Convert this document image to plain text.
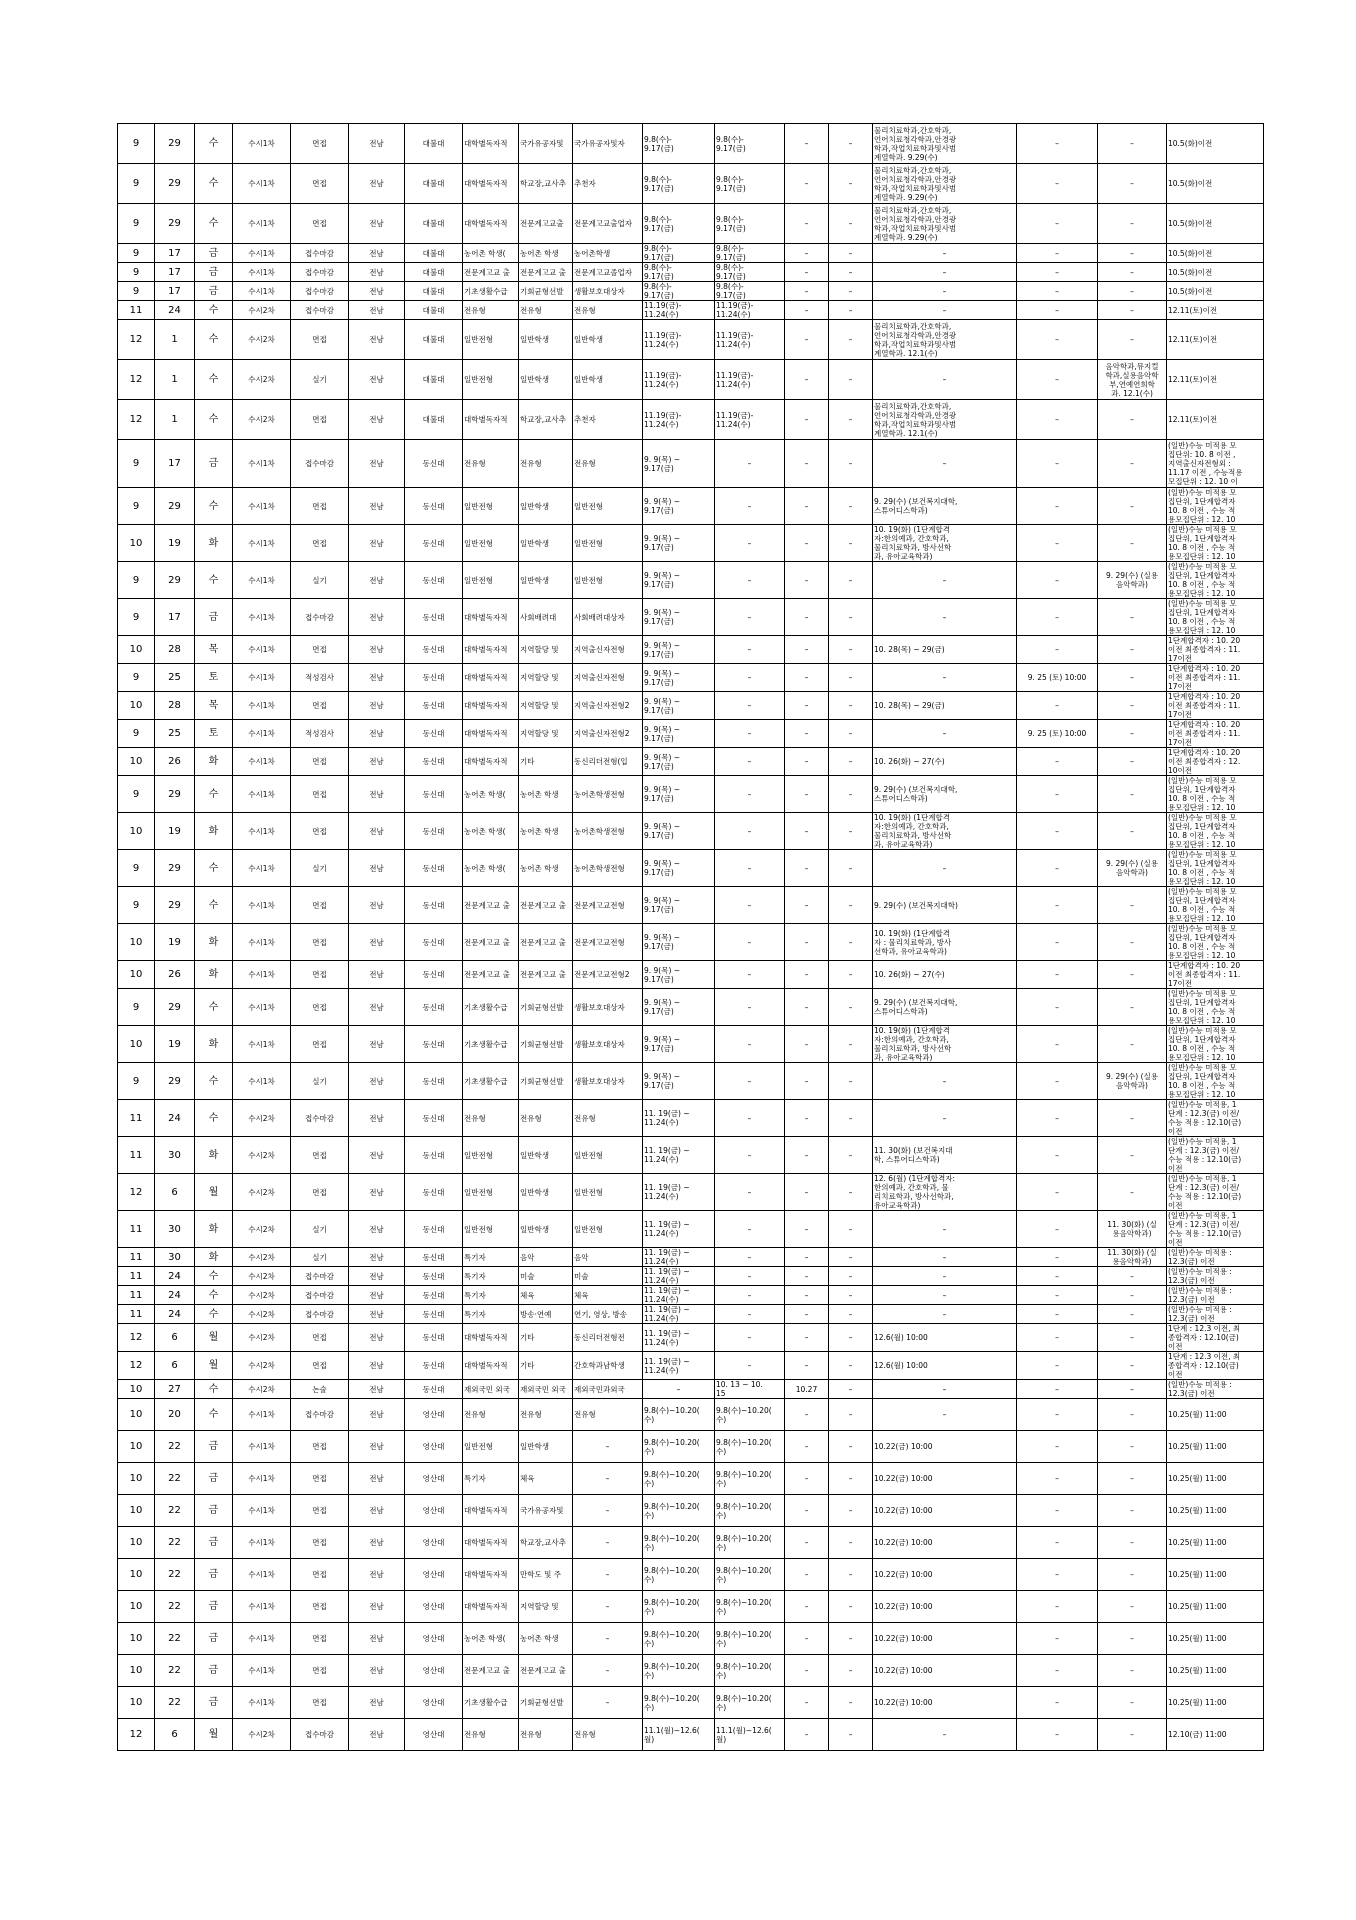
9	29	수	수시1차	면접	전남	대불대	대학별독자적	국가유공자및	국가유공자및자	9.8(수)-
9.17(금)	9.8(수)-
9.17(금)	–	–	물리치료학과,간호학과,
언어치료청각학과,안경광
학과,작업치료학과및사범
계열학과. 9.29(수)	–	–	10.5(화)이전
9	29	수	수시1차	면접	전남	대불대	대학별독자적	학교장,교사추	추천자	9.8(수)-
9.17(금)	9.8(수)-
9.17(금)	–	–	물리치료학과,간호학과,
언어치료청각학과,안경광
학과,작업치료학과및사범
계열학과. 9.29(수)	–	–	10.5(화)이전
9	29	수	수시1차	면접	전남	대불대	대학별독자적	전문계고교출	전문계고교출업자	9.8(수)-
9.17(금)	9.8(수)-
9.17(금)	–	–	물리치료학과,간호학과,
언어치료청각학과,안경광
학과,작업치료학과및사범
계열학과. 9.29(수)	–	–	10.5(화)이전
9	17	금	수시1차	접수마감	전남	대불대	농어촌 학생(	농어촌 학생	농어촌학생	9.8(수)-
9.17(금)	9.8(수)-
9.17(금)	–	–	–	–	–	10.5(화)이전
9	17	금	수시1차	접수마감	전남	대불대	전문계고교 출	전문계고교 출	전문계고교졸업자	9.8(수)-
9.17(금)	9.8(수)-
9.17(금)	–	–	–	–	–	10.5(화)이전
9	17	금	수시1차	접수마감	전남	대불대	기초생활수급	기회균형선발	생활보호대상자	9.8(수)-
9.17(금)	9.8(수)-
9.17(금)	–	–	–	–	–	10.5(화)이전
11	24	수	수시2차	접수마감	전남	대불대	전유형	전유형	전유형	11.19(금)-
11.24(수)	11.19(금)-
11.24(수)	–	–	–	–	–	12.11(토)이전
12	1	수	수시2차	면접	전남	대불대	일반전형	일반학생	일반학생	11.19(금)-
11.24(수)	11.19(금)-
11.24(수)	–	–	물리치료학과,간호학과,
언어치료청각학과,안경광
학과,작업치료학과및사범
계열학과. 12.1(수)	–	–	12.11(토)이전
12	1	수	수시2차	실기	전남	대불대	일반전형	일반학생	일반학생	11.19(금)-
11.24(수)	11.19(금)-
11.24(수)	–	–	–	–	음악학과,뮤지컬
학과,실용음악학
부,연예연희학
과. 12.1(수)	12.11(토)이전
12	1	수	수시2차	면접	전남	대불대	대학별독자적	학교장,교사추	추천자	11.19(금)-
11.24(수)	11.19(금)-
11.24(수)	–	–	물리치료학과,간호학과,
언어치료청각학과,안경광
학과,작업치료학과및사범
계열학과. 12.1(수)	–	–	12.11(토)이전
9	17	금	수시1차	접수마감	전남	동신대	전유형	전유형	전유형	9. 9(목) ~
9.17(금)	–	–	–	–	–	–	(일반)수능 미적용 모
집단위: 10. 8 이전 ,
지역출신자전형외 :
11.17 이전 , 수능적용
모집단위 : 12. 10 이
9	29	수	수시1차	면접	전남	동신대	일반전형	일반학생	일반전형	9. 9(목) ~
9.17(금)	–	–	–	9. 29(수) (보건복지대학,
스튜어디스학과)	–	–	(일반)수능 미적용 모
집단위, 1단계합격자
10. 8 이전 , 수능 적
용모집단위 : 12. 10
10	19	화	수시1차	면접	전남	동신대	일반전형	일반학생	일반전형	9. 9(목) ~
9.17(금)	–	–	–	10. 19(화) (1단계합격
자:한의예과, 간호학과,
물리치료학과, 방사선학
과, 유아교육학과)	–	–	(일반)수능 미적용 모
집단위, 1단계합격자
10. 8 이전 , 수능 적
용모집단위 : 12. 10
9	29	수	수시1차	실기	전남	동신대	일반전형	일반학생	일반전형	9. 9(목) ~
9.17(금)	–	–	–	–	–	9. 29(수) (실용
음악학과)	(일반)수능 미적용 모
집단위, 1단계합격자
10. 8 이전 , 수능 적
용모집단위 : 12. 10
9	17	금	수시1차	접수마감	전남	동신대	대학별독자적	사회배려대	사회배려대상자	9. 9(목) ~
9.17(금)	–	–	–	–	–	–	(일반)수능 미적용 모
집단위, 1단계합격자
10. 8 이전 , 수능 적
용모집단위 : 12. 10
10	28	목	수시1차	면접	전남	동신대	대학별독자적	지역할당 및	지역출신자전형	9. 9(목) ~
9.17(금)	–	–	–	10. 28(목) ~ 29(금)	–	–	1단계합격자 : 10. 20
이전 최종합격자 : 11.
17이전
9	25	토	수시1차	적성검사	전남	동신대	대학별독자적	지역할당 및	지역출신자전형	9. 9(목) ~
9.17(금)	–	–	–	–	9. 25 (토) 10:00	–	1단계합격자 : 10. 20
이전 최종합격자 : 11.
17이전
10	28	목	수시1차	면접	전남	동신대	대학별독자적	지역할당 및	지역출신자전형2	9. 9(목) ~
9.17(금)	–	–	–	10. 28(목) ~ 29(금)	–	–	1단계합격자 : 10. 20
이전 최종합격자 : 11.
17이전
9	25	토	수시1차	적성검사	전남	동신대	대학별독자적	지역할당 및	지역출신자전형2	9. 9(목) ~
9.17(금)	–	–	–	–	9. 25 (토) 10:00	–	1단계합격자 : 10. 20
이전 최종합격자 : 11.
17이전
10	26	화	수시1차	면접	전남	동신대	대학별독자적	기타	동신리더전형(입	9. 9(목) ~
9.17(금)	–	–	–	10. 26(화) ~ 27(수)	–	–	1단계합격자 : 10. 20
이전 최종합격자 : 12.
10이전
9	29	수	수시1차	면접	전남	동신대	농어촌 학생(	농어촌 학생	농어촌학생전형	9. 9(목) ~
9.17(금)	–	–	–	9. 29(수) (보건복지대학,
스튜어디스학과)	–	–	(일반)수능 미적용 모
집단위, 1단계합격자
10. 8 이전 , 수능 적
용모집단위 : 12. 10
10	19	화	수시1차	면접	전남	동신대	농어촌 학생(	농어촌 학생	농어촌학생전형	9. 9(목) ~
9.17(금)	–	–	–	10. 19(화) (1단계합격
자:한의예과, 간호학과,
물리치료학과, 방사선학
과, 유아교육학과)	–	–	(일반)수능 미적용 모
집단위, 1단계합격자
10. 8 이전 , 수능 적
용모집단위 : 12. 10
9	29	수	수시1차	실기	전남	동신대	농어촌 학생(	농어촌 학생	농어촌학생전형	9. 9(목) ~
9.17(금)	–	–	–	–	–	9. 29(수) (실용
음악학과)	(일반)수능 미적용 모
집단위, 1단계합격자
10. 8 이전 , 수능 적
용모집단위 : 12. 10
9	29	수	수시1차	면접	전남	동신대	전문계고교 출	전문계고교 출	전문계고교전형	9. 9(목) ~
9.17(금)	–	–	–	9. 29(수) (보건복지대학)	–	–	(일반)수능 미적용 모
집단위, 1단계합격자
10. 8 이전 , 수능 적
용모집단위 : 12. 10
10	19	화	수시1차	면접	전남	동신대	전문계고교 출	전문계고교 출	전문계고교전형	9. 9(목) ~
9.17(금)	–	–	–	10. 19(화) (1단계합격
자 : 물리치료학과, 방사
선학과, 유아교육학과)	–	–	(일반)수능 미적용 모
집단위, 1단계합격자
10. 8 이전 , 수능 적
용모집단위 : 12. 10
10	26	화	수시1차	면접	전남	동신대	전문계고교 출	전문계고교 출	전문계고교전형2	9. 9(목) ~
9.17(금)	–	–	–	10. 26(화) ~ 27(수)	–	–	1단계합격자 : 10. 20
이전 최종합격자 : 11.
17이전
9	29	수	수시1차	면접	전남	동신대	기초생활수급	기회균형선발	생활보호대상자	9. 9(목) ~
9.17(금)	–	–	–	9. 29(수) (보건복지대학,
스튜어디스학과)	–	–	(일반)수능 미적용 모
집단위, 1단계합격자
10. 8 이전 , 수능 적
용모집단위 : 12. 10
10	19	화	수시1차	면접	전남	동신대	기초생활수급	기회균형선발	생활보호대상자	9. 9(목) ~
9.17(금)	–	–	–	10. 19(화) (1단계합격
자:한의예과, 간호학과,
물리치료학과, 방사선학
과, 유아교육학과)	–	–	(일반)수능 미적용 모
집단위, 1단계합격자
10. 8 이전 , 수능 적
용모집단위 : 12. 10
9	29	수	수시1차	실기	전남	동신대	기초생활수급	기회균형선발	생활보호대상자	9. 9(목) ~
9.17(금)	–	–	–	–	–	9. 29(수) (실용
음악학과)	(일반)수능 미적용 모
집단위, 1단계합격자
10. 8 이전 , 수능 적
용모집단위 : 12. 10
11	24	수	수시2차	접수마감	전남	동신대	전유형	전유형	전유형	11. 19(금) ~
11.24(수)	–	–	–	–	–	–	(일반)수능 미적용, 1
단계 : 12.3(금) 이전/
수능 적용 : 12.10(금)
이전
11	30	화	수시2차	면접	전남	동신대	일반전형	일반학생	일반전형	11. 19(금) ~
11.24(수)	–	–	–	11. 30(화) (보건복지대
학, 스튜어디스학과)	–	–	(일반)수능 미적용, 1
단계 : 12.3(금) 이전/
수능 적용 : 12.10(금)
이전
12	6	월	수시2차	면접	전남	동신대	일반전형	일반학생	일반전형	11. 19(금) ~
11.24(수)	–	–	–	12. 6(월) (1단계합격자:
한의예과, 간호학과, 물
리치료학과, 방사선학과,
유아교육학과)	–	–	(일반)수능 미적용, 1
단계 : 12.3(금) 이전/
수능 적용 : 12.10(금)
이전
11	30	화	수시2차	실기	전남	동신대	일반전형	일반학생	일반전형	11. 19(금) ~
11.24(수)	–	–	–	–	–	11. 30(화) (실
용음악학과)	(일반)수능 미적용, 1
단계 : 12.3(금) 이전/
수능 적용 : 12.10(금)
이전
11	30	화	수시2차	실기	전남	동신대	특기자	음악	음악	11. 19(금) ~
11.24(수)	–	–	–	–	–	11. 30(화) (실
용음악학과)	(일반)수능 미적용 :
12.3(금) 이전
11	24	수	수시2차	접수마감	전남	동신대	특기자	미술	미술	11. 19(금) ~
11.24(수)	–	–	–	–	–	–	(일반)수능 미적용 :
12.3(금) 이전
11	24	수	수시2차	접수마감	전남	동신대	특기자	체육	체육	11. 19(금) ~
11.24(수)	–	–	–	–	–	–	(일반)수능 미적용 :
12.3(금) 이전
11	24	수	수시2차	접수마감	전남	동신대	특기자	방송·연예	연기, 영상, 방송	11. 19(금) ~
11.24(수)	–	–	–	–	–	–	(일반)수능 미적용 :
12.3(금) 이전
12	6	월	수시2차	면접	전남	동신대	대학별독자적	기타	동신리더전형전	11. 19(금) ~
11.24(수)	–	–	–	12.6(월) 10:00	–	–	1단계 : 12.3 이전, 최
종합격자 : 12.10(금)
이전
12	6	월	수시2차	면접	전남	동신대	대학별독자적	기타	간호학과남학생	11. 19(금) ~
11.24(수)	–	–	–	12.6(월) 10:00	–	–	1단계 : 12.3 이전, 최
종합격자 : 12.10(금)
이전
10	27	수	수시2차	논술	전남	동신대	재외국민 외국	재외국민 외국	재외국민과외국	–	10. 13 ~ 10.
15	10.27	–	–	–	–	(일반)수능 미적용 :
12.3(금) 이전
10	20	수	수시1차	접수마감	전남	영산대	전유형	전유형	전유형	9.8(수)~10.20(
수)	9.8(수)~10.20(
수)	–	–	–	–	–	10.25(월) 11:00
10	22	금	수시1차	면접	전남	영산대	일반전형	일반학생	–	9.8(수)~10.20(
수)	9.8(수)~10.20(
수)	–	–	10.22(금) 10:00	–	–	10.25(월) 11:00
10	22	금	수시1차	면접	전남	영산대	특기자	체육	–	9.8(수)~10.20(
수)	9.8(수)~10.20(
수)	–	–	10.22(금) 10:00	–	–	10.25(월) 11:00
10	22	금	수시1차	면접	전남	영산대	대학별독자적	국가유공자및	–	9.8(수)~10.20(
수)	9.8(수)~10.20(
수)	–	–	10.22(금) 10:00	–	–	10.25(월) 11:00
10	22	금	수시1차	면접	전남	영산대	대학별독자적	학교장,교사추	–	9.8(수)~10.20(
수)	9.8(수)~10.20(
수)	–	–	10.22(금) 10:00	–	–	10.25(월) 11:00
10	22	금	수시1차	면접	전남	영산대	대학별독자적	만학도 및 주	–	9.8(수)~10.20(
수)	9.8(수)~10.20(
수)	–	–	10.22(금) 10:00	–	–	10.25(월) 11:00
10	22	금	수시1차	면접	전남	영산대	대학별독자적	지역할당 및	–	9.8(수)~10.20(
수)	9.8(수)~10.20(
수)	–	–	10.22(금) 10:00	–	–	10.25(월) 11:00
10	22	금	수시1차	면접	전남	영산대	농어촌 학생(	농어촌 학생	–	9.8(수)~10.20(
수)	9.8(수)~10.20(
수)	–	–	10.22(금) 10:00	–	–	10.25(월) 11:00
10	22	금	수시1차	면접	전남	영산대	전문계고교 출	전문계고교 출	–	9.8(수)~10.20(
수)	9.8(수)~10.20(
수)	–	–	10.22(금) 10:00	–	–	10.25(월) 11:00
10	22	금	수시1차	면접	전남	영산대	기초생활수급	기회균형선발	–	9.8(수)~10.20(
수)	9.8(수)~10.20(
수)	–	–	10.22(금) 10:00	–	–	10.25(월) 11:00
12	6	월	수시2차	접수마감	전남	영산대	전유형	전유형	전유형	11.1(월)~12.6(
월)	11.1(월)~12.6(
월)	–	–	–	–	–	12.10(금) 11:00
